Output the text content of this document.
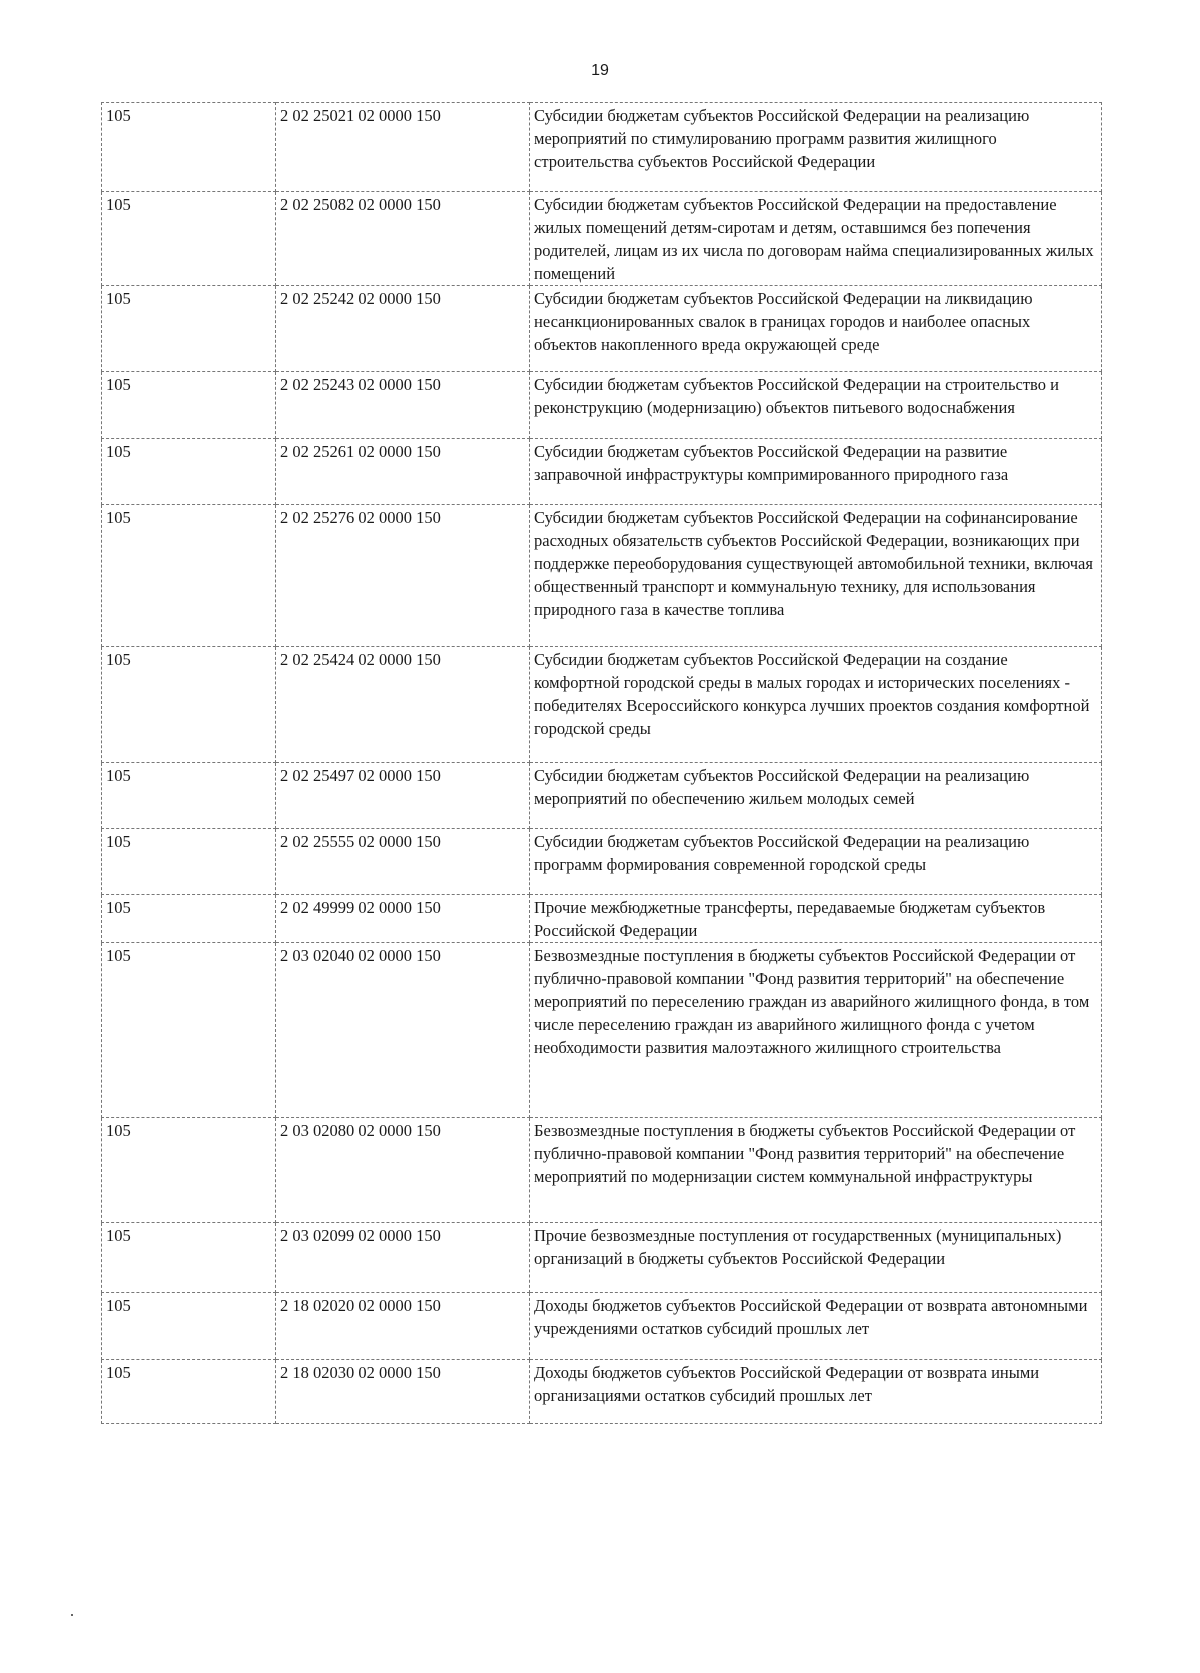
19
105	2 02 25021 02 0000 150	Субсидии бюджетам субъектов Российской Федерации на реализацию мероприятий по стимулированию программ развития жилищного строительства субъектов Российской Федерации
105	2 02 25082 02 0000 150	Субсидии бюджетам субъектов Российской Федерации на предоставление жилых помещений детям-сиротам и детям, оставшимся без попечения родителей, лицам из их числа по договорам найма специализированных жилых помещений
105	2 02 25242 02 0000 150	Субсидии бюджетам субъектов Российской Федерации на ликвидацию несанкционированных свалок в границах городов и наиболее опасных объектов накопленного вреда окружающей среде
105	2 02 25243 02 0000 150	Субсидии бюджетам субъектов Российской Федерации на строительство и реконструкцию (модернизацию) объектов питьевого водоснабжения
105	2 02 25261 02 0000 150	Субсидии бюджетам субъектов Российской Федерации на развитие заправочной инфраструктуры компримированного природного газа
105	2 02 25276 02 0000 150	Субсидии бюджетам субъектов Российской Федерации на софинансирование расходных обязательств субъектов Российской Федерации, возникающих при поддержке переоборудования существующей автомобильной техники, включая общественный транспорт и коммунальную технику, для использования природного газа в качестве топлива
105	2 02 25424 02 0000 150	Субсидии бюджетам субъектов Российской Федерации на создание комфортной городской среды в малых городах и исторических поселениях - победителях Всероссийского конкурса лучших проектов создания комфортной городской среды
105	2 02 25497 02 0000 150	Субсидии бюджетам субъектов Российской Федерации на реализацию мероприятий по обеспечению жильем молодых семей
105	2 02 25555 02 0000 150	Субсидии бюджетам субъектов Российской Федерации на реализацию программ формирования современной городской среды
105	2 02 49999 02 0000 150	Прочие межбюджетные трансферты, передаваемые бюджетам субъектов Российской Федерации
105	2 03 02040 02 0000 150	Безвозмездные поступления в бюджеты субъектов Российской Федерации от публично-правовой компании "Фонд развития территорий" на обеспечение мероприятий по переселению граждан из аварийного жилищного фонда, в том числе переселению граждан из аварийного жилищного фонда с учетом необходимости развития малоэтажного жилищного строительства
105	2 03 02080 02 0000 150	Безвозмездные поступления в бюджеты субъектов Российской Федерации от публично-правовой компании "Фонд развития территорий" на обеспечение мероприятий по модернизации систем коммунальной инфраструктуры
105	2 03 02099 02 0000 150	Прочие безвозмездные поступления от государственных (муниципальных) организаций в бюджеты субъектов Российской Федерации
105	2 18 02020 02 0000 150	Доходы бюджетов субъектов Российской Федерации от возврата автономными учреждениями остатков субсидий прошлых лет
105	2 18 02030 02 0000 150	Доходы бюджетов субъектов Российской Федерации от возврата иными организациями остатков субсидий прошлых лет
